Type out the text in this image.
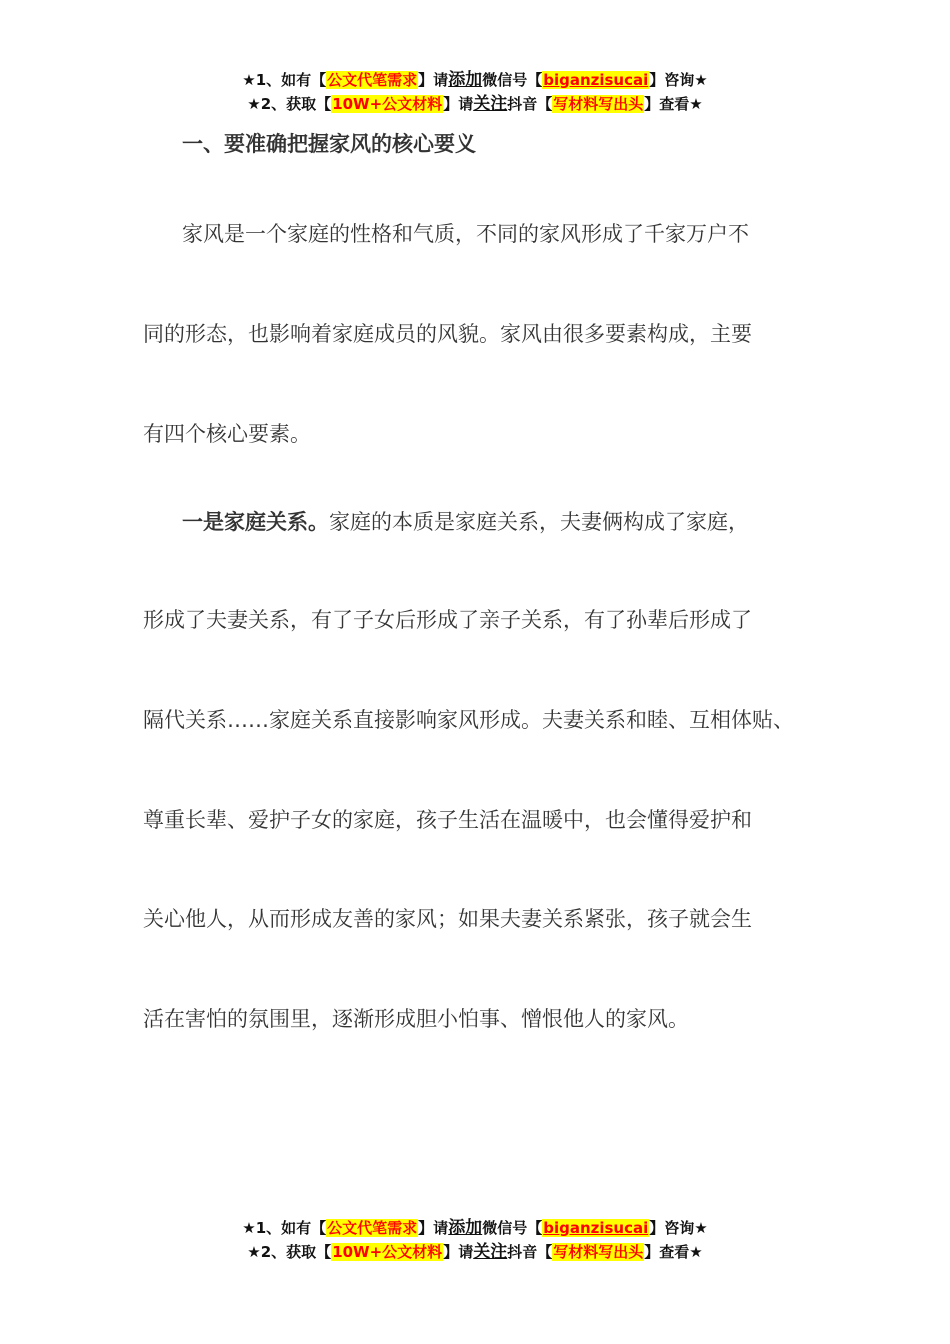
★1、如有【公文代笔需求】请添加微信号【biganzisucai】咨询★
★2、获取【10W+公文材料】请关注抖音【写材料写出头】查看★
一、要准确把握家风的核心要义
家风是一个家庭的性格和气质，不同的家风形成了千家万户不
同的形态，也影响着家庭成员的风貌。家风由很多要素构成，主要
有四个核心要素。
一是家庭关系。家庭的本质是家庭关系，夫妻俩构成了家庭，
形成了夫妻关系，有了子女后形成了亲子关系，有了孙辈后形成了
隔代关系……家庭关系直接影响家风形成。夫妻关系和睦、互相体贴、
尊重长辈、爱护子女的家庭，孩子生活在温暖中，也会懂得爱护和
关心他人，从而形成友善的家风；如果夫妻关系紧张，孩子就会生
活在害怕的氛围里，逐渐形成胆小怕事、憎恨他人的家风。
★1、如有【公文代笔需求】请添加微信号【biganzisucai】咨询★
★2、获取【10W+公文材料】请关注抖音【写材料写出头】查看★
